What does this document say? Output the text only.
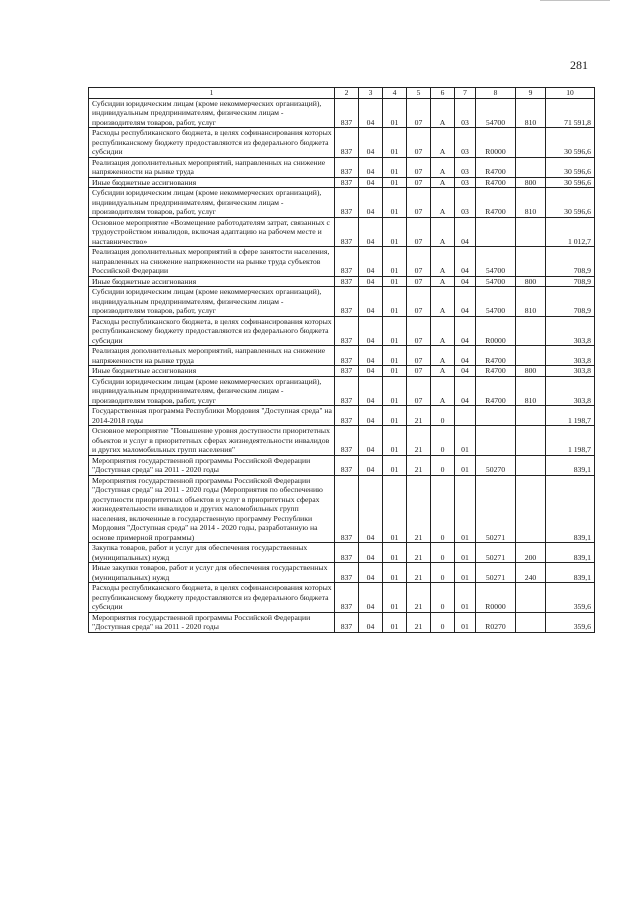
281
1	2	3	4	5	6	7	8	9	10
Субсидии юридическим лицам (кроме некоммерческих организаций), индивидуальным предпринимателям, физическим лицам - производителям товаров, работ, услуг	837	04	01	07	А	03	54700	810	71 591,8
Расходы республиканского бюджета, в целях софинансирования которых республиканскому бюджету предоставляются из федерального бюджета субсидии	837	04	01	07	А	03	R0000		30 596,6
Реализация дополнительных мероприятий, направленных на снижение напряженности на рынке труда	837	04	01	07	А	03	R4700		30 596,6
Иные бюджетные ассигнования	837	04	01	07	А	03	R4700	800	30 596,6
Субсидии юридическим лицам (кроме некоммерческих организаций), индивидуальным предпринимателям, физическим лицам - производителям товаров, работ, услуг	837	04	01	07	А	03	R4700	810	30 596,6
Основное мероприятие «Возмещение работодателям затрат, связанных с трудоустройством инвалидов, включая адаптацию на рабочем месте и наставничество»	837	04	01	07	А	04			1 012,7
Реализация дополнительных мероприятий в сфере занятости населения, направленных на снижение напряженности на рынке труда субъектов Российской Федерации	837	04	01	07	А	04	54700		708,9
Иные бюджетные ассигнования	837	04	01	07	А	04	54700	800	708,9
Субсидии юридическим лицам (кроме некоммерческих организаций), индивидуальным предпринимателям, физическим лицам - производителям товаров, работ, услуг	837	04	01	07	А	04	54700	810	708,9
Расходы республиканского бюджета, в целях софинансирования которых республиканскому бюджету предоставляются из федерального бюджета субсидии	837	04	01	07	А	04	R0000		303,8
Реализация дополнительных мероприятий, направленных на снижение напряженности на рынке труда	837	04	01	07	А	04	R4700		303,8
Иные бюджетные ассигнования	837	04	01	07	А	04	R4700	800	303,8
Субсидии юридическим лицам (кроме некоммерческих организаций), индивидуальным предпринимателям, физическим лицам - производителям товаров, работ, услуг	837	04	01	07	А	04	R4700	810	303,8
Государственная программа Республики Мордовия "Доступная среда" на 2014-2018 годы	837	04	01	21	0				1 198,7
Основное мероприятие "Повышение уровня доступности приоритетных объектов и услуг в приоритетных сферах жизнедеятельности инвалидов и других маломобильных групп населения"	837	04	01	21	0	01			1 198,7
Мероприятия государственной программы Российской Федерации "Доступная среда" на 2011 - 2020 годы	837	04	01	21	0	01	50270		839,1
Мероприятия государственной программы Российской Федерации "Доступная среда" на 2011 - 2020 годы (Мероприятия по обеспечению доступности приоритетных объектов и услуг в приоритетных сферах жизнедеятельности инвалидов и других маломобильных групп населения, включенные в государственную программу Республики Мордовия "Доступная среда" на 2014 - 2020 годы, разработанную на основе примерной программы)	837	04	01	21	0	01	50271		839,1
Закупка товаров, работ и услуг для обеспечения государственных (муниципальных) нужд	837	04	01	21	0	01	50271	200	839,1
Иные закупки товаров, работ и услуг для обеспечения государственных (муниципальных) нужд	837	04	01	21	0	01	50271	240	839,1
Расходы республиканского бюджета, в целях софинансирования которых республиканскому бюджету предоставляются из федерального бюджета субсидии	837	04	01	21	0	01	R0000		359,6
Мероприятия государственной программы Российской Федерации "Доступная среда" на 2011 - 2020 годы	837	04	01	21	0	01	R0270		359,6
